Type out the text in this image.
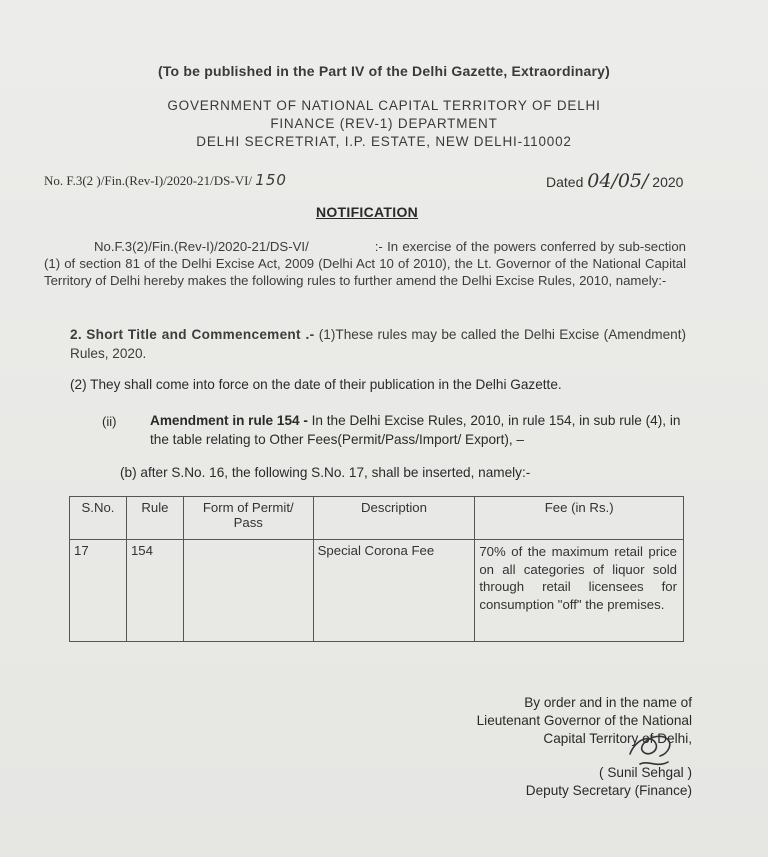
(To be published in the Part IV of the Delhi Gazette, Extraordinary)
GOVERNMENT OF NATIONAL CAPITAL TERRITORY OF DELHI
FINANCE (REV-1) DEPARTMENT
DELHI SECRETRIAT, I.P. ESTATE, NEW DELHI-110002
No. F.3(2 )/Fin.(Rev-I)/2020-21/DS-VI/ 150	Dated 04/05/ 2020
NOTIFICATION
No.F.3(2)/Fin.(Rev-I)/2020-21/DS-VI/	:- In exercise of the powers conferred by sub-section (1) of section 81 of the Delhi Excise Act, 2009 (Delhi Act 10 of 2010), the Lt. Governor of the National Capital Territory of Delhi hereby makes the following rules to further amend the Delhi Excise Rules, 2010, namely:-
2. Short Title and Commencement .- (1)These rules may be called the Delhi Excise (Amendment) Rules, 2020.
(2) They shall come into force on the date of their publication in the Delhi Gazette.
(ii) Amendment in rule 154 - In the Delhi Excise Rules, 2010, in rule 154, in sub rule (4), in the table relating to Other Fees(Permit/Pass/Import/ Export), –
(b) after S.No. 16, the following S.No. 17, shall be inserted, namely:-
S.No.	Rule	Form of Permit/ Pass	Description	Fee (in Rs.)
17	154		Special Corona Fee	70% of the maximum retail price on all categories of liquor sold through retail licensees for consumption "off" the premises.
By order and in the name of
Lieutenant Governor of the National
Capital Territory of Delhi,
( Sunil Sehgal )
Deputy Secretary (Finance)
